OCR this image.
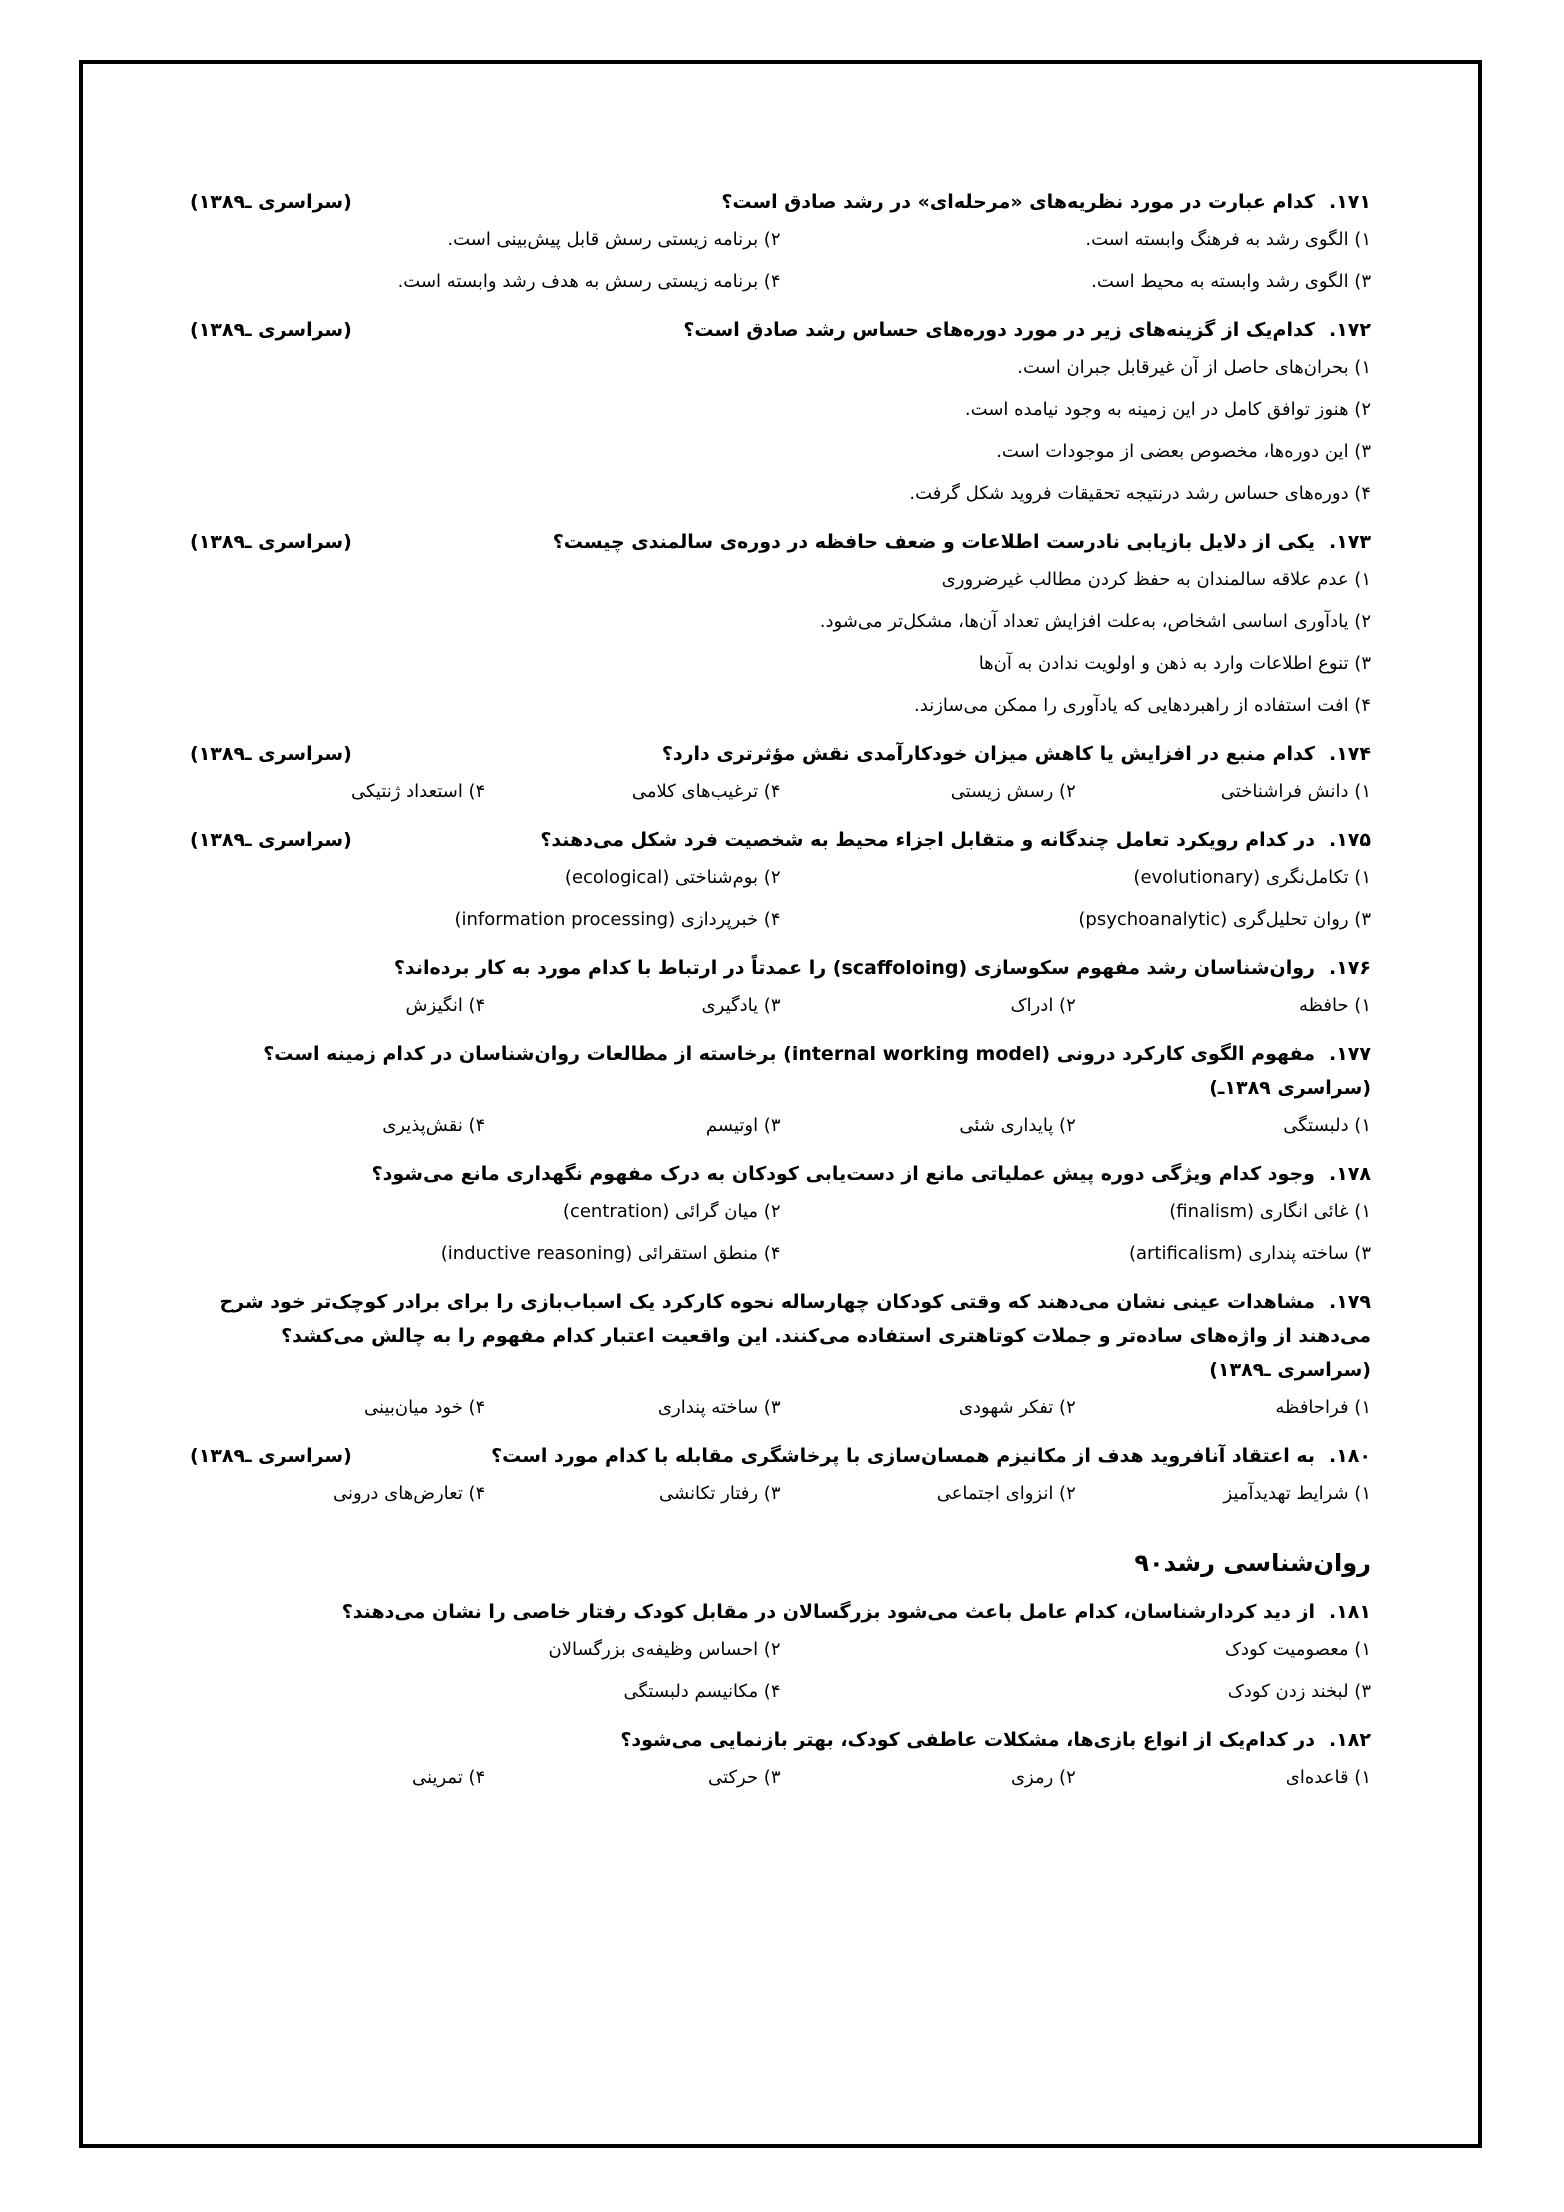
۱۷۱.کدام عبارت در مورد نظریه‌های «مرحله‌ای» در رشد صادق است؟
(سراسری ـ۱۳۸۹)
۱) الگوی رشد به فرهنگ وابسته است.
۲) برنامه زیستی رسش قابل پیش‌بینی است.
۳) الگوی رشد وابسته به محیط است.
۴) برنامه زیستی رسش به هدف رشد وابسته است.
۱۷۲.کدام‌یک از گزینه‌های زیر در مورد دوره‌های حساس رشد صادق است؟
(سراسری ـ۱۳۸۹)
۱) بحران‌های حاصل از آن غیرقابل جبران است.
۲) هنوز توافق کامل در این زمینه به وجود نیامده است.
۳) این دوره‌ها، مخصوص بعضی از موجودات است.
۴) دوره‌های حساس رشد درنتیجه تحقیقات فروید شکل گرفت.
۱۷۳.یکی از دلایل بازیابی نادرست اطلاعات و ضعف حافظه در دوره‌ی سالمندی چیست؟
(سراسری ـ۱۳۸۹)
۱) عدم علاقه سالمندان به حفظ کردن مطالب غیرضروری
۲) یادآوری اساسی اشخاص، به‌علت افزایش تعداد آن‌ها، مشکل‌تر می‌شود.
۳) تنوع اطلاعات وارد به ذهن و اولویت ندادن به آن‌ها
۴) افت استفاده از راهبردهایی که یادآوری را ممکن می‌سازند.
۱۷۴.کدام منبع در افزایش یا کاهش میزان خودکارآمدی نقش مؤثرتری دارد؟
(سراسری ـ۱۳۸۹)
۱) دانش فراشناختی
۲) رسش زیستی
۴) ترغیب‌های کلامی
۴) استعداد ژنتیکی
۱۷۵.در کدام رویکرد تعامل چندگانه و متقابل اجزاء محیط به شخصیت فرد شکل می‌دهند؟
(سراسری ـ۱۳۸۹)
۱) تکامل‌نگری (evolutionary)
۲) بوم‌شناختی (ecological)
۳) روان تحلیل‌گری (psychoanalytic)
۴) خبرپردازی (information processing)
۱۷۶.روان‌شناسان رشد مفهوم سکوسازی (scaffoloing) را عمدتاً در ارتباط با کدام مورد به کار برده‌اند؟
۱) حافظه
۲) ادراک
۳) یادگیری
۴) انگیزش
۱۷۷.مفهوم الگوی کارکرد درونی (internal working model) برخاسته از مطالعات روان‌شناسان در کدام زمینه است؟(سراسری ۱۳۸۹ـ)
۱) دلبستگی
۲) پایداری شئی
۳) اوتیسم
۴) نقش‌پذیری
۱۷۸.وجود کدام ویژگی دوره پیش عملیاتی مانع از دست‌یابی کودکان به درک مفهوم نگهداری مانع می‌شود؟
۱) غائی انگاری (finalism)
۲) میان گرائی (centration)
۳) ساخته پنداری (artificalism)
۴) منطق استقرائی (inductive reasoning)
۱۷۹.مشاهدات عینی نشان می‌دهند که وقتی کودکان چهارساله نحوه کارکرد یک اسباب‌بازی را برای برادر کوچک‌تر خود شرح می‌دهند از واژه‌های ساده‌تر و جملات کوتاهتری استفاده می‌کنند. این واقعیت اعتبار کدام مفهوم را به چالش می‌کشد؟(سراسری ـ۱۳۸۹)
۱) فراحافظه
۲) تفکر شهودی
۳) ساخته پنداری
۴) خود میان‌بینی
۱۸۰.به اعتقاد آنافروید هدف از مکانیزم همسان‌سازی با پرخاشگری مقابله با کدام مورد است؟
(سراسری ـ۱۳۸۹)
۱) شرایط تهدیدآمیز
۲) انزوای اجتماعی
۳) رفتار تکانشی
۴) تعارض‌های درونی
روان‌شناسی رشد۹۰
۱۸۱.از دید کردارشناسان، کدام عامل باعث می‌شود بزرگسالان در مقابل کودک رفتار خاصی را نشان می‌دهند؟
۱) معصومیت کودک
۲) احساس وظیفه‌ی بزرگسالان
۳) لبخند زدن کودک
۴) مکانیسم دلبستگی
۱۸۲.در کدام‌یک از انواع بازی‌ها، مشکلات عاطفی کودک، بهتر بازنمایی می‌شود؟
۱) قاعده‌ای
۲) رمزی
۳) حرکتی
۴) تمرینی
